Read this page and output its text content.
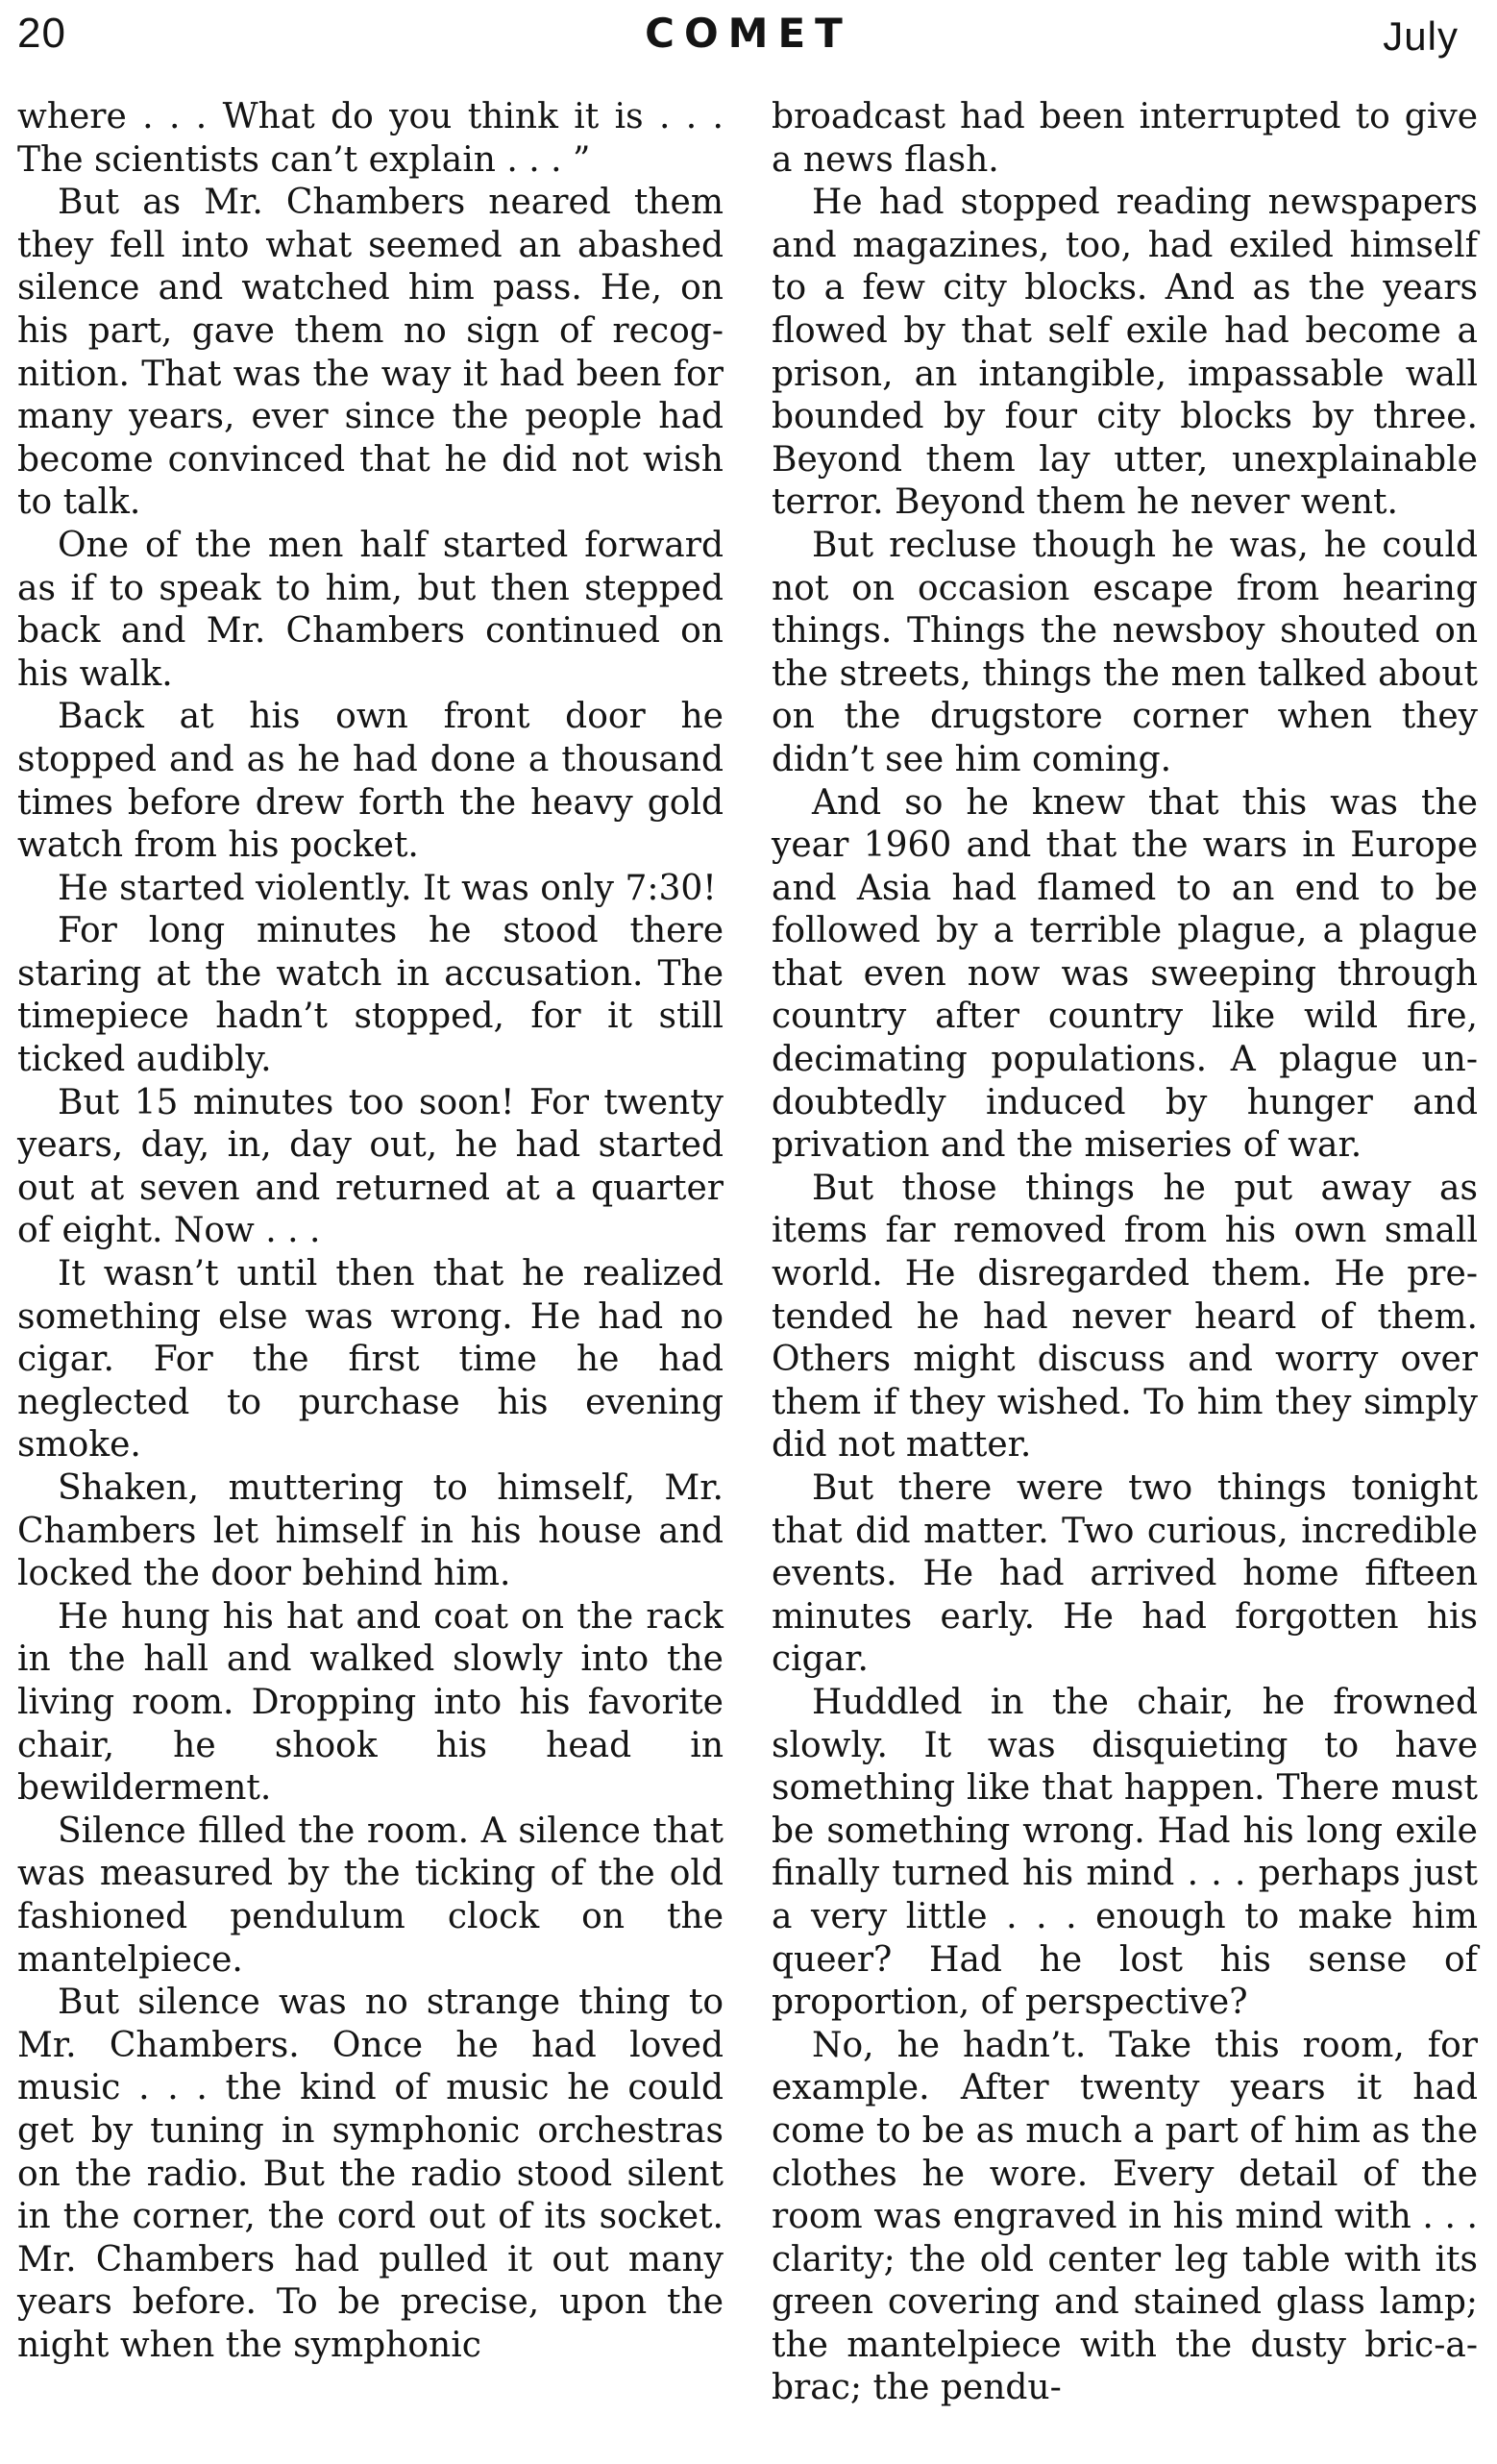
20	COMET	July

where . . . What do you think it is . . . The scientists can’t explain . . . ”

But as Mr. Chambers neared them they fell into what seemed an abashed silence and watched him pass. He, on his part, gave them no sign of recognition. That was the way it had been for many years, ever since the people had become convinced that he did not wish to talk.

One of the men half started forward as if to speak to him, but then stepped back and Mr. Chambers continued on his walk.

Back at his own front door he stopped and as he had done a thousand times before drew forth the heavy gold watch from his pocket.

He started violently. It was only 7:30!

For long minutes he stood there staring at the watch in accusation. The timepiece hadn’t stopped, for it still ticked audibly.

But 15 minutes too soon! For twenty years, day, in, day out, he had started out at seven and returned at a quarter of eight. Now . . .

It wasn’t until then that he realized something else was wrong. He had no cigar. For the first time he had neglected to purchase his evening smoke.

Shaken, muttering to himself, Mr. Chambers let himself in his house and locked the door behind him.

He hung his hat and coat on the rack in the hall and walked slowly into the living room. Dropping into his favorite chair, he shook his head in bewilderment.

Silence filled the room. A silence that was measured by the ticking of the old fashioned pendulum clock on the mantelpiece.

But silence was no strange thing to Mr. Chambers. Once he had loved music . . . the kind of music he could get by tuning in symphonic orchestras on the radio. But the radio stood silent in the corner, the cord out of its socket. Mr. Chambers had pulled it out many years before. To be precise, upon the night when the symphonic

broadcast had been interrupted to give a news flash.

He had stopped reading newspapers and magazines, too, had exiled himself to a few city blocks. And as the years flowed by that self exile had become a prison, an intangible, impassable wall bounded by four city blocks by three. Beyond them lay utter, unexplainable terror. Beyond them he never went.

But recluse though he was, he could not on occasion escape from hearing things. Things the newsboy shouted on the streets, things the men talked about on the drugstore corner when they didn’t see him coming.

And so he knew that this was the year 1960 and that the wars in Europe and Asia had flamed to an end to be followed by a terrible plague, a plague that even now was sweeping through country after country like wild fire, decimating populations. A plague undoubtedly induced by hunger and privation and the miseries of war.

But those things he put away as items far removed from his own small world. He disregarded them. He pretended he had never heard of them. Others might discuss and worry over them if they wished. To him they simply did not matter.

But there were two things tonight that did matter. Two curious, incredible events. He had arrived home fifteen minutes early. He had forgotten his cigar.

Huddled in the chair, he frowned slowly. It was disquieting to have something like that happen. There must be something wrong. Had his long exile finally turned his mind . . . perhaps just a very little . . . enough to make him queer? Had he lost his sense of proportion, of perspective?

No, he hadn’t. Take this room, for example. After twenty years it had come to be as much a part of him as the clothes he wore. Every detail of the room was engraved in his mind with . . . clarity; the old center leg table with its green covering and stained glass lamp; the mantelpiece with the dusty bric-a-brac; the pendu-
